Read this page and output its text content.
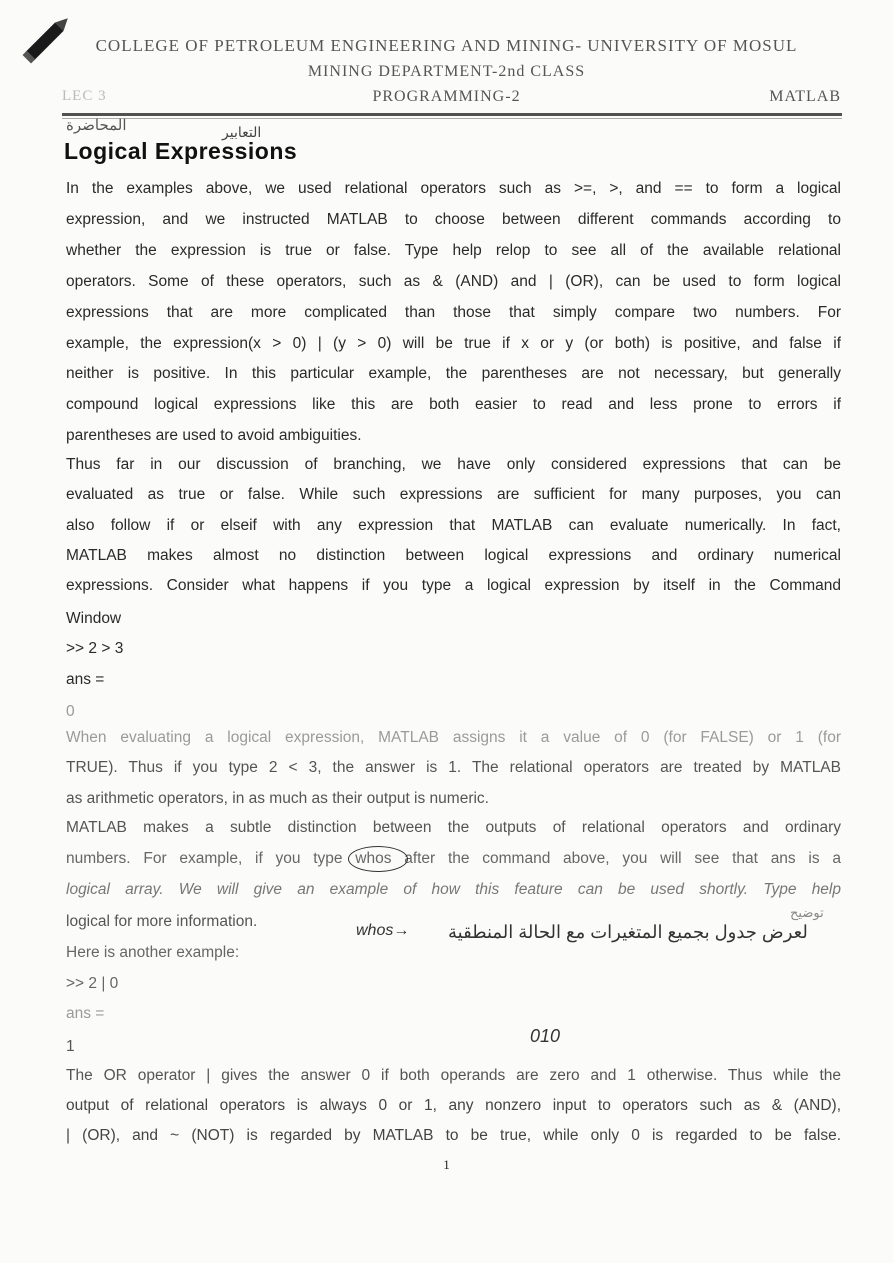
COLLEGE OF PETROLEUM ENGINEERING AND MINING- UNIVERSITY OF MOSUL
MINING DEPARTMENT-2nd CLASS
PROGRAMMING-2
LEC 3	MATLAB
المحاضرة	التعابير
Logical Expressions
In the examples above, we used relational operators such as >=, >, and == to form a logical
expression, and we instructed MATLAB to choose between different commands according to
whether the expression is true or false. Type help relop to see all of the available relational
operators. Some of these operators, such as & (AND) and | (OR), can be used to form logical
expressions that are more complicated than those that simply compare two numbers. For
example, the expression(x > 0) | (y > 0) will be true if x or y (or both) is positive, and false if
neither is positive. In this particular example, the parentheses are not necessary, but generally
compound logical expressions like this are both easier to read and less prone to errors if
parentheses are used to avoid ambiguities.
Thus far in our discussion of branching, we have only considered expressions that can be
evaluated as true or false. While such expressions are sufficient for many purposes, you can
also follow if or elseif with any expression that MATLAB can evaluate numerically. In fact,
MATLAB makes almost no distinction between logical expressions and ordinary numerical
expressions. Consider what happens if you type a logical expression by itself in the Command
Window
>> 2 > 3
ans =
0
When evaluating a logical expression, MATLAB assigns it a value of 0 (for FALSE) or 1 (for
TRUE). Thus if you type 2 < 3, the answer is 1. The relational operators are treated by MATLAB
as arithmetic operators, in as much as their output is numeric.
MATLAB makes a subtle distinction between the outputs of relational operators and ordinary
numbers. For example, if you type whos after the command above, you will see that ans is a
logical array. We will give an example of how this feature can be used shortly. Type help
logical for more information.
Here is another example:
>> 2 | 0
ans =
1
The OR operator | gives the answer 0 if both operands are zero and 1 otherwise. Thus while the
output of relational operators is always 0 or 1, any nonzero input to operators such as & (AND),
| (OR), and ~ (NOT) is regarded by MATLAB to be true, while only 0 is regarded to be false.
whos→ لعرض جدول بجميع المتغيرات مع الحالة المنطقية
010
توضيح
1
